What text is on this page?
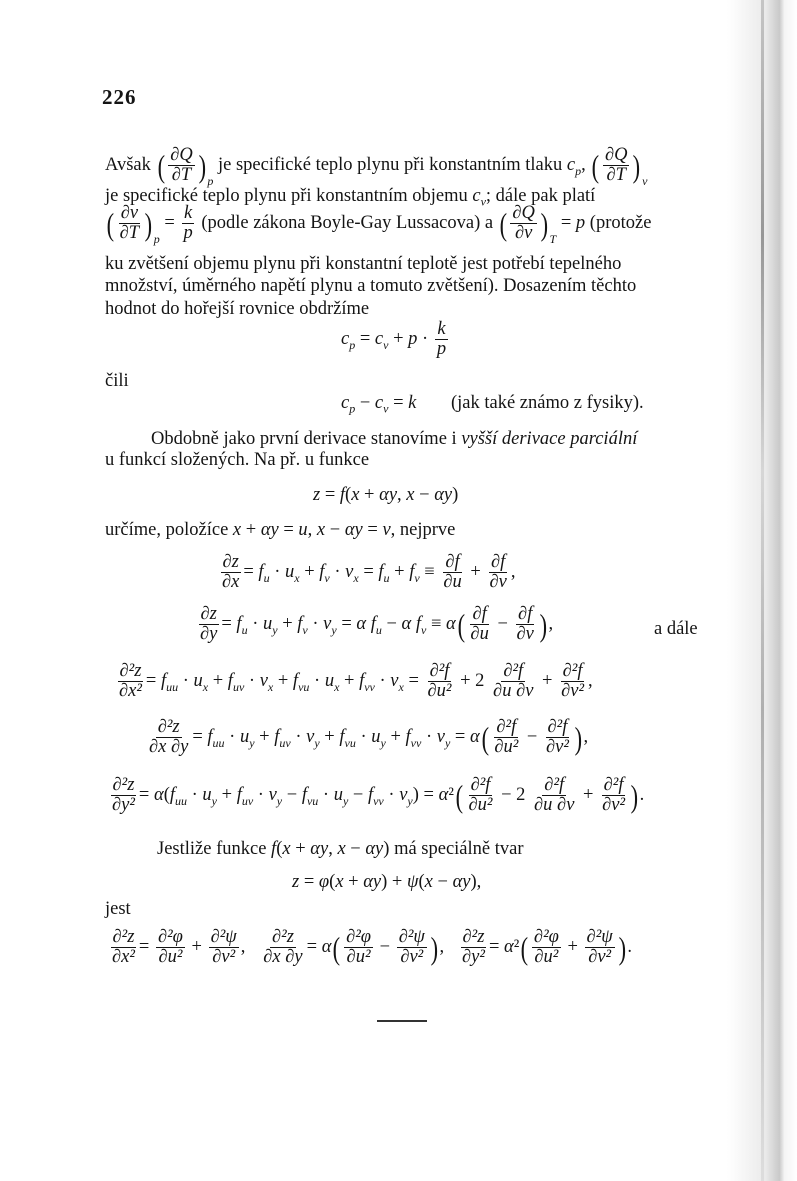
226
Avšak ( $\frac{\partial Q}{\partial T}$ ) $_p$ je specifické teplo plynu při konstantním tlaku $c_p$, ( $\frac{\partial Q}{\partial T}$ ) $_v$
je specifické teplo plynu při konstantním objemu $c_v$; dále pak platí
( $\frac{\partial v}{\partial T}$ ) $_p = \frac{k}{p}$ (podle zákona Boyle-Gay Lussacova) a ( $\frac{\partial Q}{\partial v}$ ) $_T$ = p (protože
ku zvětšení objemu plynu při konstantní teplotě jest potřebí tepelného
množství, úměrného napětí plynu a tomuto zvětšení). Dosazením těchto
hodnot do hořejší rovnice obdržíme
$c_p = c_v + p \cdot \frac{k}{p}$
čili
$c_p - c_v = k$ (jak také známo z fysiky).
Obdobně jako první derivace stanovíme i vyšší derivace parciální
u funkcí složených. Na př. u funkce
z = f(x + αy, x − αy)
určíme, položíce x + αy = u, x − αy = v, nejprve
$\frac{\partial z}{\partial x} = f_u \cdot u_x + f_v \cdot v_x = f_u + f_v \equiv \frac{\partial f}{\partial u} + \frac{\partial f}{\partial v}$ ,
$\frac{\partial z}{\partial y} = f_u \cdot u_y + f_v \cdot v_y = \alpha$ $f_u - \alpha$ $f_v \equiv \alpha( \frac{\partial f}{\partial u} - \frac{\partial f}{\partial v}$ ),	a dále
$\frac{\text{∂²z}}{\text{∂x²}} = f_{uu} \cdot u_x + f_{uv} \cdot v_x + f_{vu} \cdot u_x + f_{vv} \cdot v_x = \frac{\text{∂²f}}{\text{∂u²}} + 2 \frac{\text{∂²f}}{\partial u \partial v} + \frac{\text{∂²f}}{\text{∂v²}}$ ,
$\frac{\text{∂²z}}{\partial x \partial y} = f_{uu} \cdot u_y + f_{uv} \cdot v_y + f_{vu} \cdot u_y + f_{vv} \cdot v_y = \alpha( \frac{\text{∂²f}}{\text{∂u²}} - \frac{\text{∂²f}}{\text{∂v²}}$ ),
$\frac{\text{∂²z}}{\text{∂y²}} = \alpha(f_{uu} \cdot u_y + f_{uv} \cdot v_y - f_{vu} \cdot u_y - f_{vv} \cdot v_y) = \alpha^2( \frac{\text{∂²f}}{\text{∂u²}} - 2 \frac{\text{∂²f}}{\partial u \partial v} + \frac{\text{∂²f}}{\text{∂v²}}$ ).
Jestliže funkce f(x + αy, x − αy) má speciálně tvar
z = φ(x + αy) + ψ(x − αy),
jest
$\frac{\text{∂²z}}{\text{∂x²}} = \frac{\text{∂²φ}}{\text{∂u²}} + \frac{\text{∂²ψ}}{\text{∂v²}}$ , $\frac{\text{∂²z}}{\partial x \partial y} = \alpha( \frac{\text{∂²φ}}{\text{∂u²}} - \frac{\text{∂²ψ}}{\text{∂v²}}$ ), $\frac{\text{∂²z}}{\text{∂y²}} = \alpha^2( \frac{\text{∂²φ}}{\text{∂u²}} + \frac{\text{∂²ψ}}{\text{∂v²}}$ ).
